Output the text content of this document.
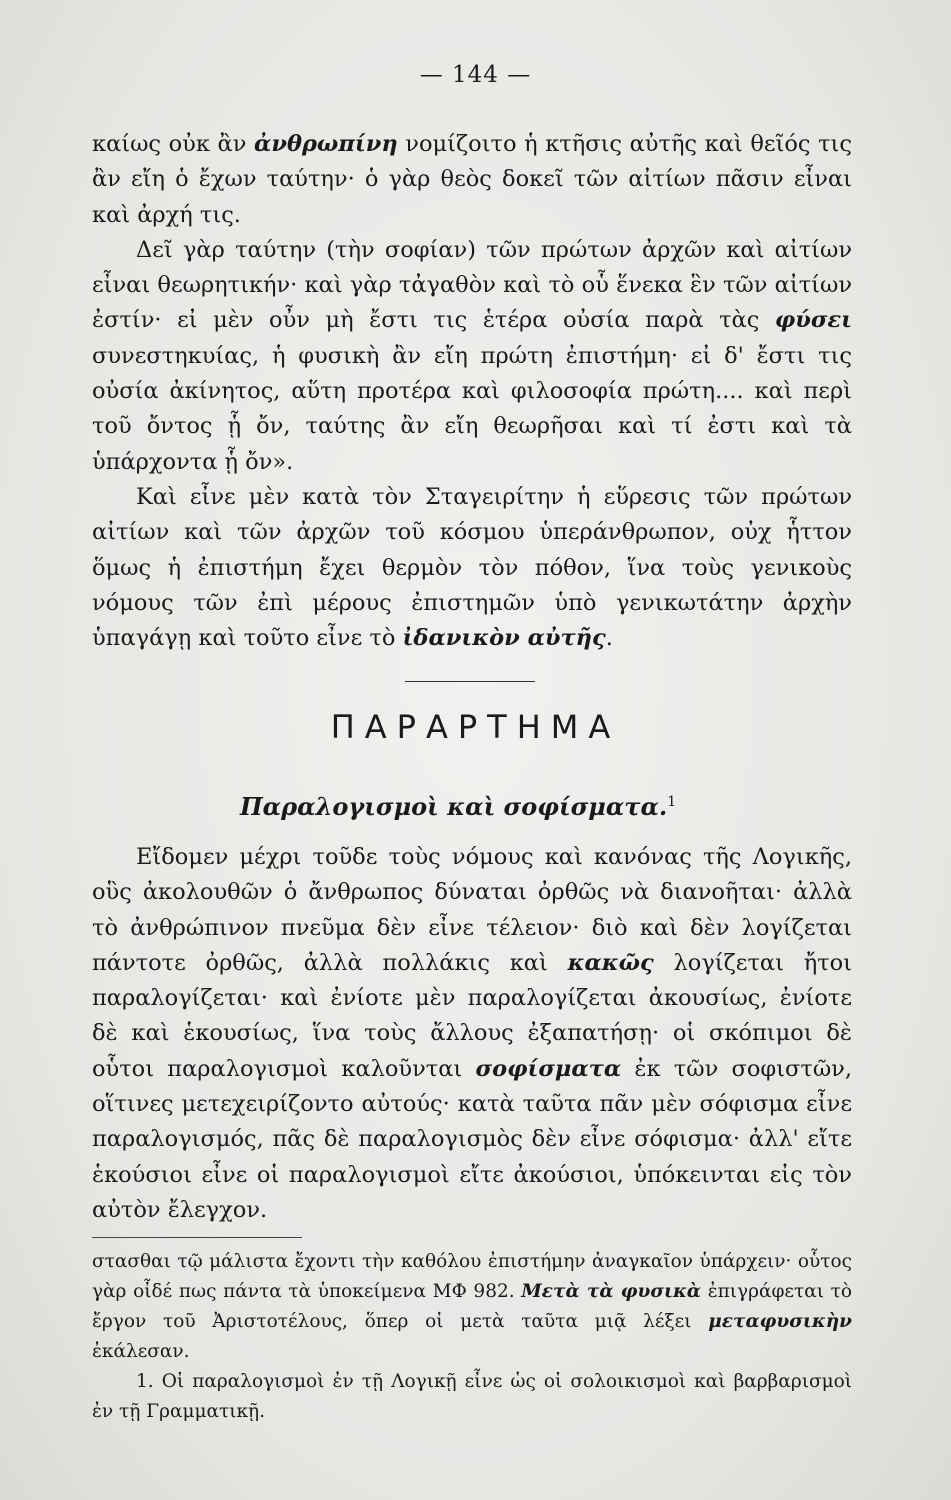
— 144 —

καίως οὐκ ἂν ἀνθρωπίνη νομίζοιτο ἡ κτῆσις αὐτῆς καὶ θεῖός τις ἂν εἴη ὁ ἔχων ταύτην· ὁ γὰρ θεὸς δοκεῖ τῶν αἰτίων πᾶσιν εἶναι καὶ ἀρχή τις.

Δεῖ γὰρ ταύτην (τὴν σοφίαν) τῶν πρώτων ἀρχῶν καὶ αἰτίων εἶναι θεωρητικήν· καὶ γὰρ τἀγαθὸν καὶ τὸ οὗ ἕνεκα ἓν τῶν αἰτίων ἐστίν· εἰ μὲν οὖν μὴ ἔστι τις ἑτέρα οὐσία παρὰ τὰς φύσει συνεστηκυίας, ἡ φυσικὴ ἂν εἴη πρώτη ἐπιστήμη· εἰ δ' ἔστι τις οὐσία ἀκίνητος, αὕτη προτέρα καὶ φιλοσοφία πρώτη.... καὶ περὶ τοῦ ὄντος ᾗ ὄν, ταύτης ἂν εἴη θεωρῆσαι καὶ τί ἐστι καὶ τὰ ὑπάρχοντα ᾗ ὄν».

Καὶ εἶνε μὲν κατὰ τὸν Σταγειρίτην ἡ εὕρεσις τῶν πρώτων αἰτίων καὶ τῶν ἀρχῶν τοῦ κόσμου ὑπεράνθρωπον, οὐχ ἧττον ὅμως ἡ ἐπιστήμη ἔχει θερμὸν τὸν πόθον, ἵνα τοὺς γενικοὺς νόμους τῶν ἐπὶ μέρους ἐπιστημῶν ὑπὸ γενικωτάτην ἀρχὴν ὑπαγάγῃ καὶ τοῦτο εἶνε τὸ ἰδανικὸν αὐτῆς.

ΠΑΡΑΡΤΗΜΑ
Παραλογισμοὶ καὶ σοφίσματα.$^1$

Εἴδομεν μέχρι τοῦδε τοὺς νόμους καὶ κανόνας τῆς Λογικῆς, οὓς ἀκολουθῶν ὁ ἄνθρωπος δύναται ὀρθῶς νὰ διανοῆται· ἀλλὰ τὸ ἀνθρώπινον πνεῦμα δὲν εἶνε τέλειον· διὸ καὶ δὲν λογίζεται πάντοτε ὀρθῶς, ἀλλὰ πολλάκις καὶ κακῶς λογίζεται ἤτοι παραλογίζεται· καὶ ἐνίοτε μὲν παραλογίζεται ἀκουσίως, ἐνίοτε δὲ καὶ ἑκουσίως, ἵνα τοὺς ἄλλους ἐξαπατήσῃ· οἱ σκόπιμοι δὲ οὗτοι παραλογισμοὶ καλοῦνται σοφίσματα ἐκ τῶν σοφιστῶν, οἵτινες μετεχειρίζοντο αὐτούς· κατὰ ταῦτα πᾶν μὲν σόφισμα εἶνε παραλογισμός, πᾶς δὲ παραλογισμὸς δὲν εἶνε σόφισμα· ἀλλ' εἴτε ἑκούσιοι εἶνε οἱ παραλογισμοὶ εἴτε ἀκούσιοι, ὑπόκεινται εἰς τὸν αὐτὸν ἔλεγχον.

στασθαι τῷ μάλιστα ἔχοντι τὴν καθόλου ἐπιστήμην ἀναγκαῖον ὑπάρχειν· οὗτος γὰρ οἶδέ πως πάντα τὰ ὑποκείμενα ΜΦ 982. Μετὰ τὰ φυσικὰ ἐπιγράφεται τὸ ἔργον τοῦ Ἀριστοτέλους, ὅπερ οἱ μετὰ ταῦτα μιᾷ λέξει μεταφυσικὴν ἐκάλεσαν.

1. Οἱ παραλογισμοὶ ἐν τῇ Λογικῇ εἶνε ὡς οἱ σολοικισμοὶ καὶ βαρβαρισμοὶ ἐν τῇ Γραμματικῇ.
